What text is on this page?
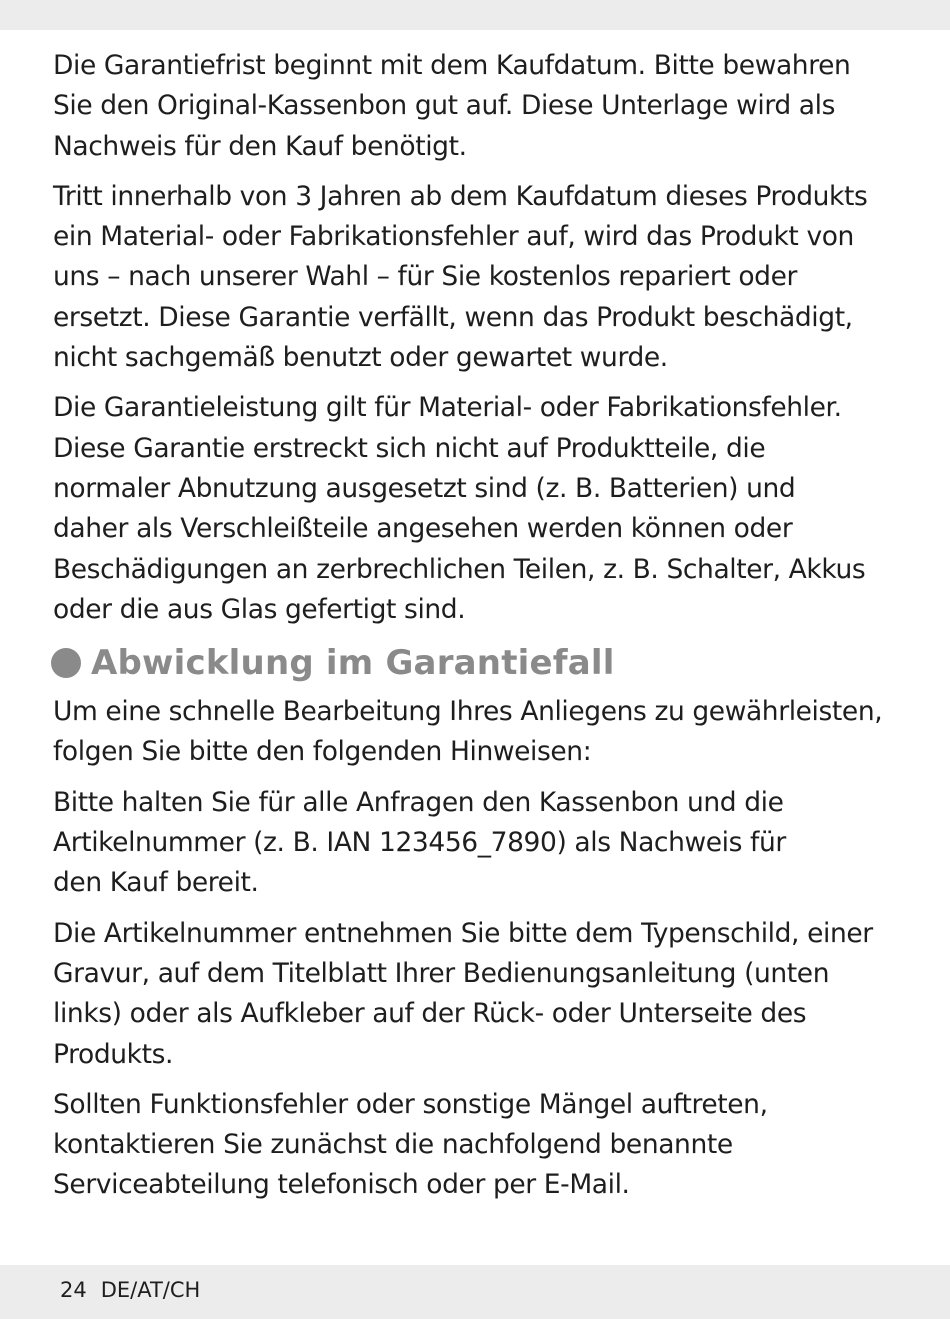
Die Garantiefrist beginnt mit dem Kaufdatum. Bitte bewahren
Sie den Original-Kassenbon gut auf. Diese Unterlage wird als
Nachweis für den Kauf benötigt.

Tritt innerhalb von 3 Jahren ab dem Kaufdatum dieses Produkts
ein Material- oder Fabrikationsfehler auf, wird das Produkt von
uns – nach unserer Wahl – für Sie kostenlos repariert oder
ersetzt. Diese Garantie verfällt, wenn das Produkt beschädigt,
nicht sachgemäß benutzt oder gewartet wurde.

Die Garantieleistung gilt für Material- oder Fabrikationsfehler.
Diese Garantie erstreckt sich nicht auf Produktteile, die
normaler Abnutzung ausgesetzt sind (z. B. Batterien) und
daher als Verschleißteile angesehen werden können oder
Beschädigungen an zerbrechlichen Teilen, z. B. Schalter, Akkus
oder die aus Glas gefertigt sind.

Abwicklung im Garantiefall

Um eine schnelle Bearbeitung Ihres Anliegens zu gewährleisten,
folgen Sie bitte den folgenden Hinweisen:

Bitte halten Sie für alle Anfragen den Kassenbon und die
Artikelnummer (z. B. IAN 123456_7890) als Nachweis für
den Kauf bereit.

Die Artikelnummer entnehmen Sie bitte dem Typenschild, einer
Gravur, auf dem Titelblatt Ihrer Bedienungsanleitung (unten
links) oder als Aufkleber auf der Rück- oder Unterseite des
Produkts.

Sollten Funktionsfehler oder sonstige Mängel auftreten,
kontaktieren Sie zunächst die nachfolgend benannte
Serviceabteilung telefonisch oder per E-Mail.

24 DE/AT/CH
